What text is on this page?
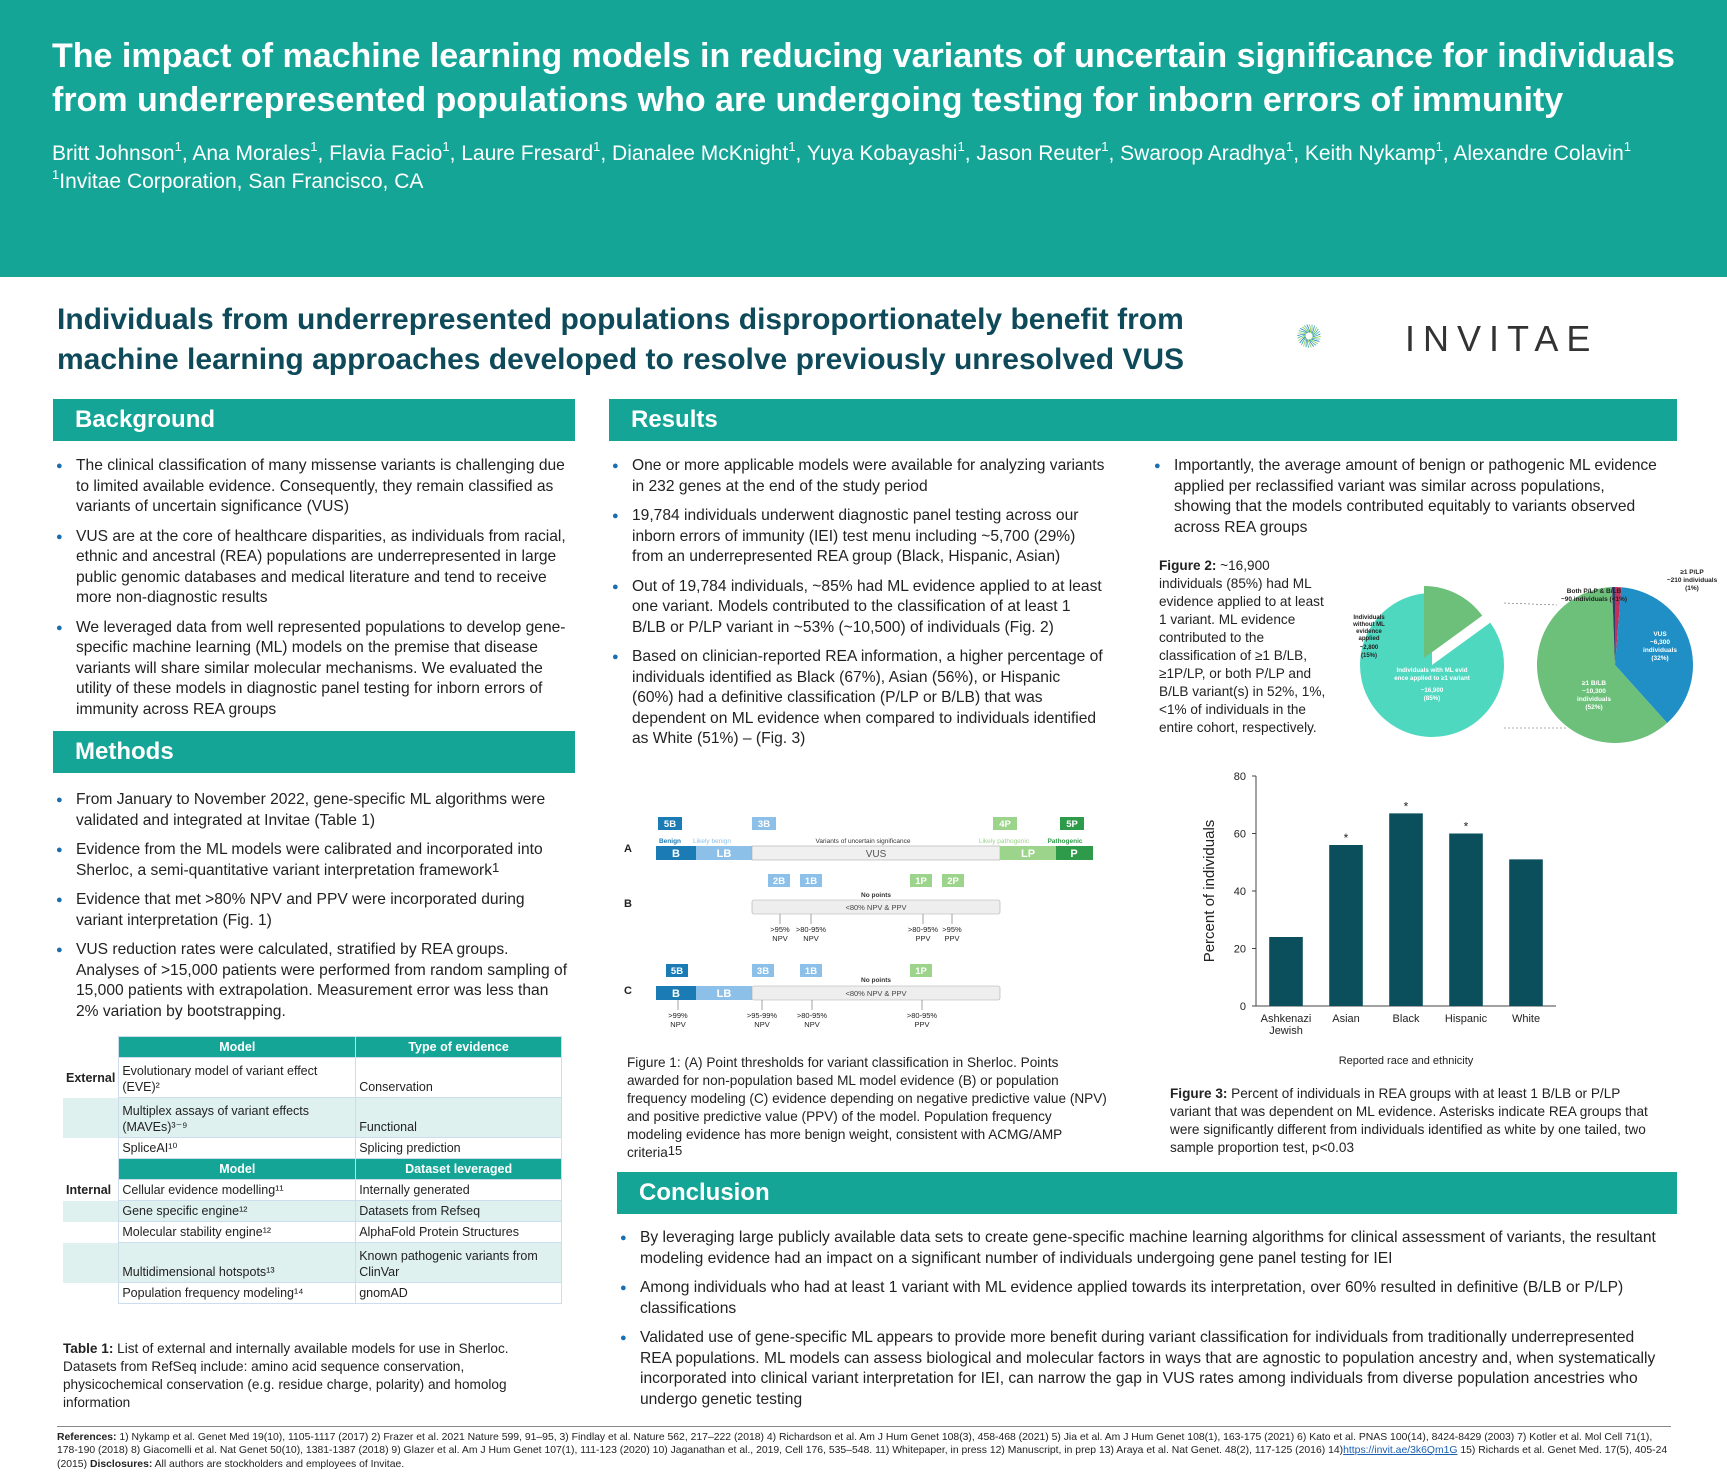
The impact of machine learning models in reducing variants of uncertain significance for individuals from underrepresented populations who are undergoing testing for inborn errors of immunity
Britt Johnson$^1$, Ana Morales$^1$, Flavia Facio$^1$, Laure Fresard$^1$, Dianalee McKnight$^1$, Yuya Kobayashi$^1$, Jason Reuter$^1$, Swaroop Aradhya$^1$, Keith Nykamp$^1$, Alexandre Colavin$^1$
$^1$Invitae Corporation, San Francisco, CA
Individuals from underrepresented populations disproportionately benefit from machine learning approaches developed to resolve previously unresolved VUS
INVITAE
Background
● The clinical classification of many missense variants is challenging due to limited available evidence. Consequently, they remain classified as variants of uncertain significance (VUS)
● VUS are at the core of healthcare disparities, as individuals from racial, ethnic and ancestral (REA) populations are underrepresented in large public genomic databases and medical literature and tend to receive more non-diagnostic results
● We leveraged data from well represented populations to develop gene-specific machine learning (ML) models on the premise that disease variants will share similar molecular mechanisms. We evaluated the utility of these models in diagnostic panel testing for inborn errors of immunity across REA groups
Methods
● From January to November 2022, gene-specific ML algorithms were validated and integrated at Invitae (Table 1)
● Evidence from the ML models were calibrated and incorporated into Sherloc, a semi-quantitative variant interpretation framework$^1$
● Evidence that met >80% NPV and PPV were incorporated during variant interpretation (Fig. 1)
● VUS reduction rates were calculated, stratified by REA groups. Analyses of >15,000 patients were performed from random sampling of 15,000 patients with extrapolation. Measurement error was less than 2% variation by bootstrapping.
	Model	Type of evidence
External	Evolutionary model of variant effect (EVE)²	Conservation
	Multiplex assays of variant effects (MAVEs)³⁻⁹	Functional
	SpliceAI¹⁰	Splicing prediction
	Model	Dataset leveraged
Internal	Cellular evidence modelling¹¹	Internally generated
	Gene specific engine¹²	Datasets from Refseq
	Molecular stability engine¹²	AlphaFold Protein Structures
	Multidimensional hotspots¹³	Known pathogenic variants from ClinVar
	Population frequency modeling¹⁴	gnomAD
Table 1: List of external and internally available models for use in Sherloc. Datasets from RefSeq include: amino acid sequence conservation, physicochemical conservation (e.g. residue charge, polarity) and homolog information
Results
● One or more applicable models were available for analyzing variants in 232 genes at the end of the study period
● 19,784 individuals underwent diagnostic panel testing across our inborn errors of immunity (IEI) test menu including ~5,700 (29%) from an underrepresented REA group (Black, Hispanic, Asian)
● Out of 19,784 individuals, ~85% had ML evidence applied to at least one variant. Models contributed to the classification of at least 1 B/LB or P/LP variant in ~53% (~10,500) of individuals (Fig. 2)
● Based on clinician-reported REA information, a higher percentage of individuals identified as Black (67%), Asian (56%), or Hispanic (60%) had a definitive classification (P/LP or B/LB) that was dependent on ML evidence when compared to individuals identified as White (51%) – (Fig. 3)
● Importantly, the average amount of benign or pathogenic ML evidence applied per reclassified variant was similar across populations, showing that the models contributed equitably to variants observed across REA groups
A
5B	3B	4P	5P
Benign Likely benign	Variants of uncertain significance	Likely pathogenic	Pathogenic
B	LB	VUS	LP	P
B
2B 1B	1P 2P
No points
<80% NPV & PPV
>95%
NPV
>80-95%
NPV
>80-95%
PPV
>95%
PPV
C
5B	3B	1B	1P
No points
B	LB	<80% NPV & PPV
>99%
NPV
>95-99%
NPV
>80-95%
NPV
>80-95%
PPV
Figure 1: (A) Point thresholds for variant classification in Sherloc. Points awarded for non-population based ML model evidence (B) or population frequency modeling (C) evidence depending on negative predictive value (NPV) and positive predictive value (PPV) of the model. Population frequency modeling evidence has more benign weight, consistent with ACMG/AMP criteria$^{15}$
Figure 2: ~16,900 individuals (85%) had ML evidence applied to at least 1 variant. ML evidence contributed to the classification of ≥1 B/LB, ≥1P/LP, or both P/LP and B/LB variant(s) in 52%, 1%, <1% of individuals in the entire cohort, respectively.
Individuals with ML evid
ence applied to ≥1 variant
~16,900
(85%)
Individuals
without ML
evidence
applied
~2,800
(15%)
VUS
~6,300
individuals
(32%)
≥1 B/LB
~10,300
individuals
(52%)
≥1 P/LP
~210 individuals
(1%)
Both P/LP & B/LB
~90 individuals (<1%)
0
20
40
60
80
Percent of individuals
Ashkenazi
Jewish
*
Asian
*
Black
*
Hispanic White
Reported race and ethnicity
Figure 3: Percent of individuals in REA groups with at least 1 B/LB or P/LP variant that was dependent on ML evidence. Asterisks indicate REA groups that were significantly different from individuals identified as white by one tailed, two sample proportion test, p<0.03
Conclusion
● By leveraging large publicly available data sets to create gene-specific machine learning algorithms for clinical assessment of variants, the resultant modeling evidence had an impact on a significant number of individuals undergoing gene panel testing for IEI
● Among individuals who had at least 1 variant with ML evidence applied towards its interpretation, over 60% resulted in definitive (B/LB or P/LP) classifications
● Validated use of gene-specific ML appears to provide more benefit during variant classification for individuals from traditionally underrepresented REA populations. ML models can assess biological and molecular factors in ways that are agnostic to population ancestry and, when systematically incorporated into clinical variant interpretation for IEI, can narrow the gap in VUS rates among individuals from diverse population ancestries who undergo genetic testing
References: 1) Nykamp et al. Genet Med 19(10), 1105-1117 (2017) 2) Frazer et al. 2021 Nature 599, 91–95, 3) Findlay et al. Nature 562, 217–222 (2018) 4) Richardson et al. Am J Hum Genet 108(3), 458-468 (2021) 5) Jia et al. Am J Hum Genet 108(1), 163-175 (2021) 6) Kato et al. PNAS 100(14), 8424-8429 (2003) 7) Kotler et al. Mol Cell 71(1), 178-190 (2018) 8) Giacomelli et al. Nat Genet 50(10), 1381-1387 (2018) 9) Glazer et al. Am J Hum Genet 107(1), 111-123 (2020) 10) Jaganathan et al., 2019, Cell 176, 535–548. 11) Whitepaper, in press 12) Manuscript, in prep 13) Araya et al. Nat Genet. 48(2), 117-125 (2016) 14)https://invit.ae/3k6Qm1G 15) Richards et al. Genet Med. 17(5), 405-24 (2015) Disclosures: All authors are stockholders and employees of Invitae.
